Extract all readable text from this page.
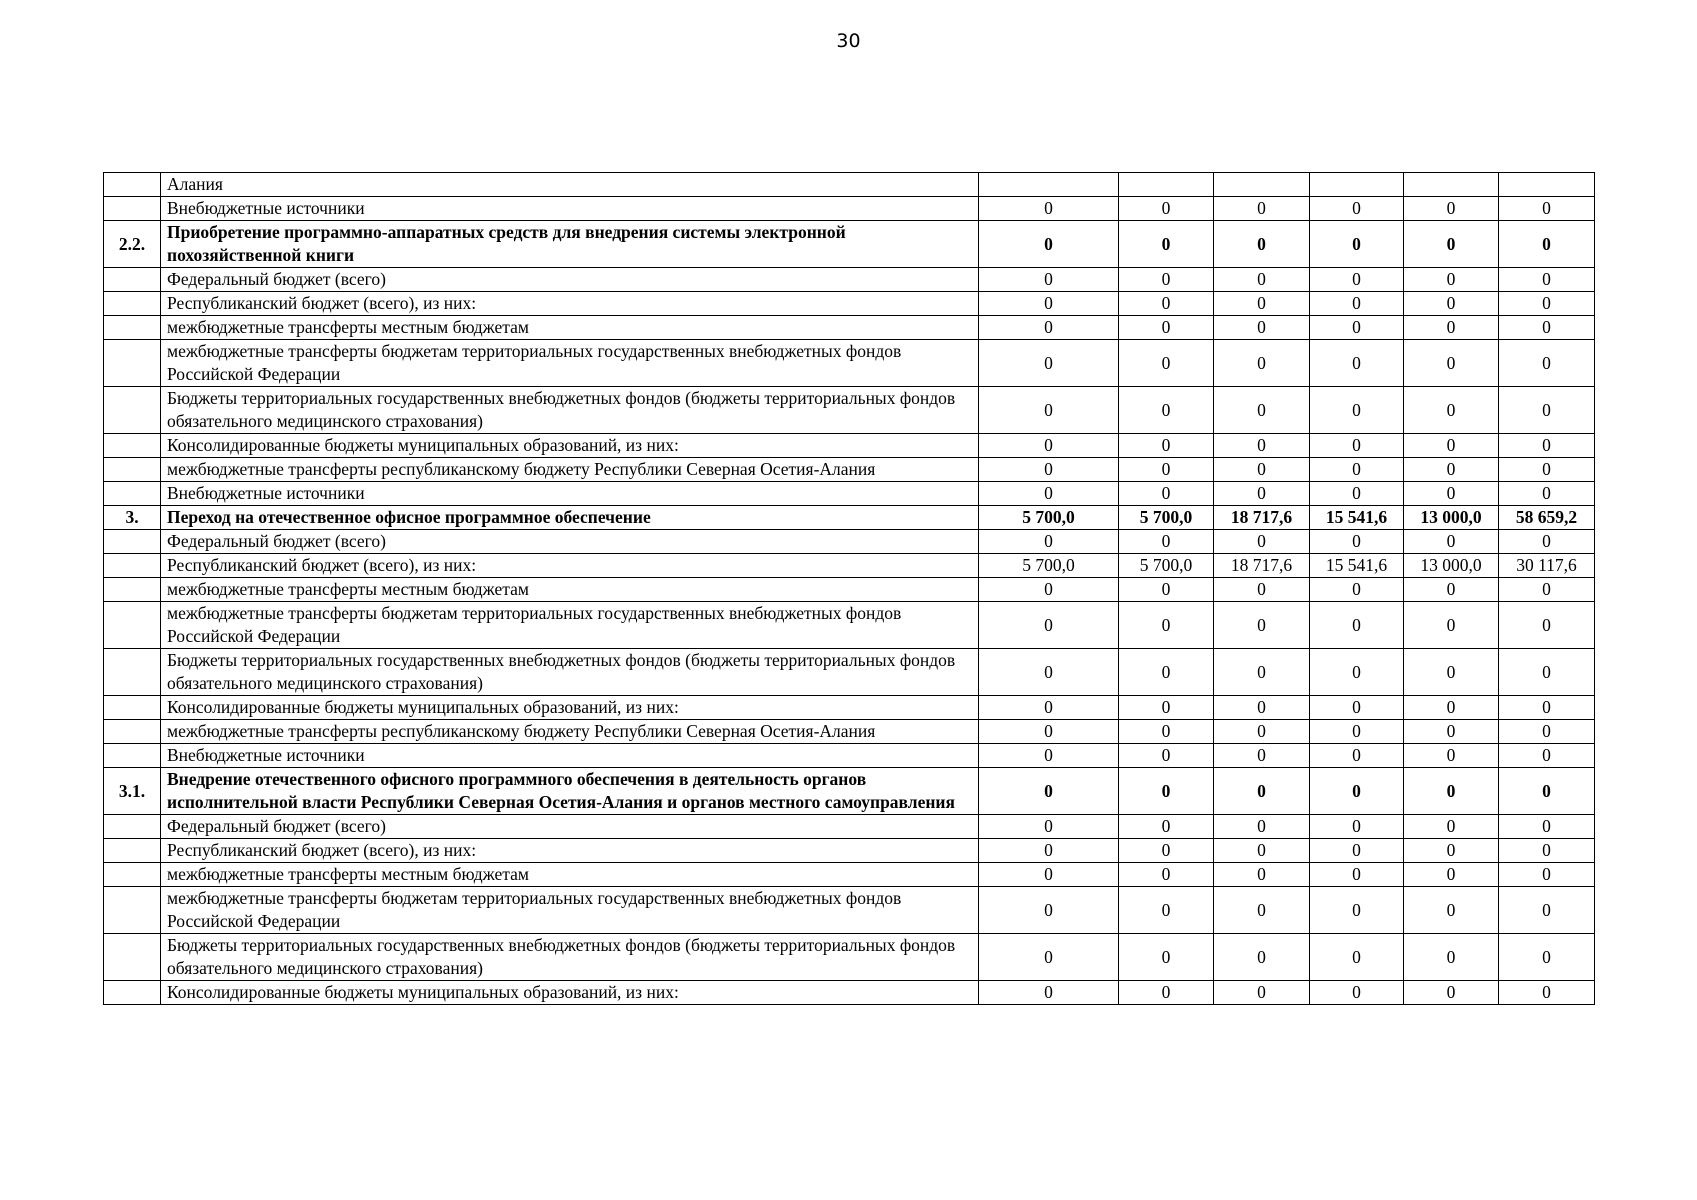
30
	Алания						
	Внебюджетные источники	0	0	0	0	0	0
2.2.	Приобретение программно-аппаратных средств для внедрения системы электронной похозяйственной книги	0	0	0	0	0	0
	Федеральный бюджет (всего)	0	0	0	0	0	0
	Республиканский бюджет (всего), из них:	0	0	0	0	0	0
	межбюджетные трансферты местным бюджетам	0	0	0	0	0	0
	межбюджетные трансферты бюджетам территориальных государственных внебюджетных фондов Российской Федерации	0	0	0	0	0	0
	Бюджеты территориальных государственных внебюджетных фондов (бюджеты территориальных фондов обязательного медицинского страхования)	0	0	0	0	0	0
	Консолидированные бюджеты муниципальных образований, из них:	0	0	0	0	0	0
	межбюджетные трансферты республиканскому бюджету Республики Северная Осетия-Алания	0	0	0	0	0	0
	Внебюджетные источники	0	0	0	0	0	0
3.	Переход на отечественное офисное программное обеспечение	5 700,0	5 700,0	18 717,6	15 541,6	13 000,0	58 659,2
	Федеральный бюджет (всего)	0	0	0	0	0	0
	Республиканский бюджет (всего), из них:	5 700,0	5 700,0	18 717,6	15 541,6	13 000,0	30 117,6
	межбюджетные трансферты местным бюджетам	0	0	0	0	0	0
	межбюджетные трансферты бюджетам территориальных государственных внебюджетных фондов Российской Федерации	0	0	0	0	0	0
	Бюджеты территориальных государственных внебюджетных фондов (бюджеты территориальных фондов обязательного медицинского страхования)	0	0	0	0	0	0
	Консолидированные бюджеты муниципальных образований, из них:	0	0	0	0	0	0
	межбюджетные трансферты республиканскому бюджету Республики Северная Осетия-Алания	0	0	0	0	0	0
	Внебюджетные источники	0	0	0	0	0	0
3.1.	Внедрение отечественного офисного программного обеспечения в деятельность органов исполнительной власти Республики Северная Осетия-Алания и органов местного самоуправления	0	0	0	0	0	0
	Федеральный бюджет (всего)	0	0	0	0	0	0
	Республиканский бюджет (всего), из них:	0	0	0	0	0	0
	межбюджетные трансферты местным бюджетам	0	0	0	0	0	0
	межбюджетные трансферты бюджетам территориальных государственных внебюджетных фондов Российской Федерации	0	0	0	0	0	0
	Бюджеты территориальных государственных внебюджетных фондов (бюджеты территориальных фондов обязательного медицинского страхования)	0	0	0	0	0	0
	Консолидированные бюджеты муниципальных образований, из них:	0	0	0	0	0	0
